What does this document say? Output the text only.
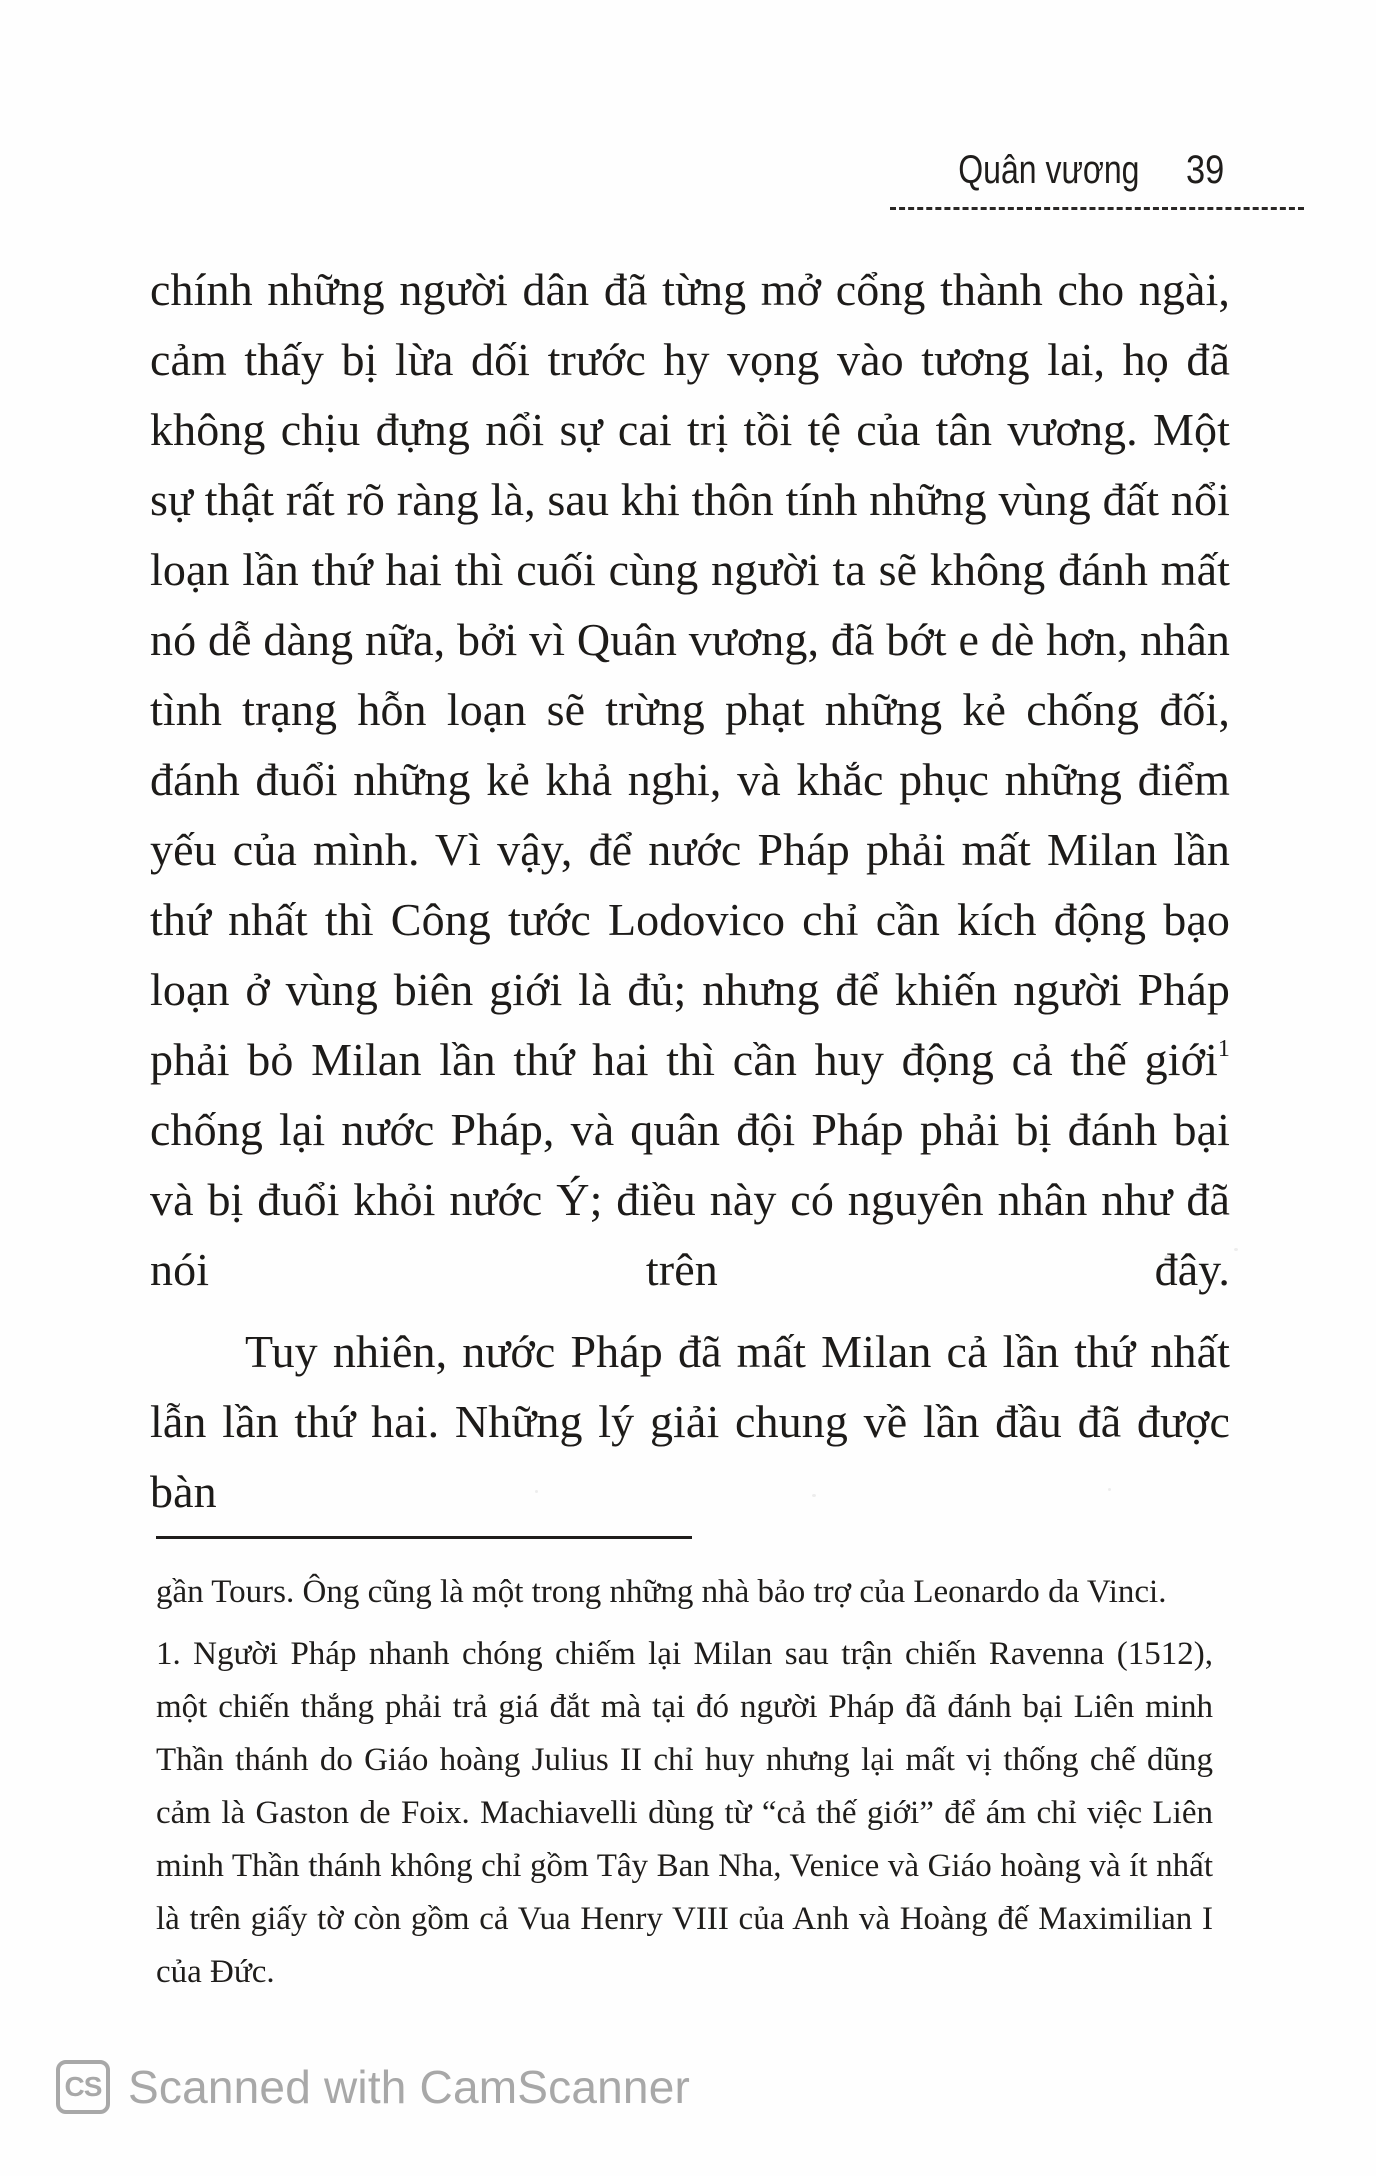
Quân vương 39

chính những người dân đã từng mở cổng thành cho ngài, cảm thấy bị lừa dối trước hy vọng vào tương lai, họ đã không chịu đựng nổi sự cai trị tồi tệ của tân vương. Một sự thật rất rõ ràng là, sau khi thôn tính những vùng đất nổi loạn lần thứ hai thì cuối cùng người ta sẽ không đánh mất nó dễ dàng nữa, bởi vì Quân vương, đã bớt e dè hơn, nhân tình trạng hỗn loạn sẽ trừng phạt những kẻ chống đối, đánh đuổi những kẻ khả nghi, và khắc phục những điểm yếu của mình. Vì vậy, để nước Pháp phải mất Milan lần thứ nhất thì Công tước Lodovico chỉ cần kích động bạo loạn ở vùng biên giới là đủ; nhưng để khiến người Pháp phải bỏ Milan lần thứ hai thì cần huy động cả thế giới$^1$ chống lại nước Pháp, và quân đội Pháp phải bị đánh bại và bị đuổi khỏi nước Ý; điều này có nguyên nhân như đã nói trên đây.

Tuy nhiên, nước Pháp đã mất Milan cả lần thứ nhất lẫn lần thứ hai. Những lý giải chung về lần đầu đã được bàn

gần Tours. Ông cũng là một trong những nhà bảo trợ của Leonardo da Vinci.

1. Người Pháp nhanh chóng chiếm lại Milan sau trận chiến Ravenna (1512), một chiến thắng phải trả giá đắt mà tại đó người Pháp đã đánh bại Liên minh Thần thánh do Giáo hoàng Julius II chỉ huy nhưng lại mất vị thống chế dũng cảm là Gaston de Foix. Machiavelli dùng từ “cả thế giới” để ám chỉ việc Liên minh Thần thánh không chỉ gồm Tây Ban Nha, Venice và Giáo hoàng và ít nhất là trên giấy tờ còn gồm cả Vua Henry VIII của Anh và Hoàng đế Maximilian I của Đức.

CS Scanned with CamScanner
